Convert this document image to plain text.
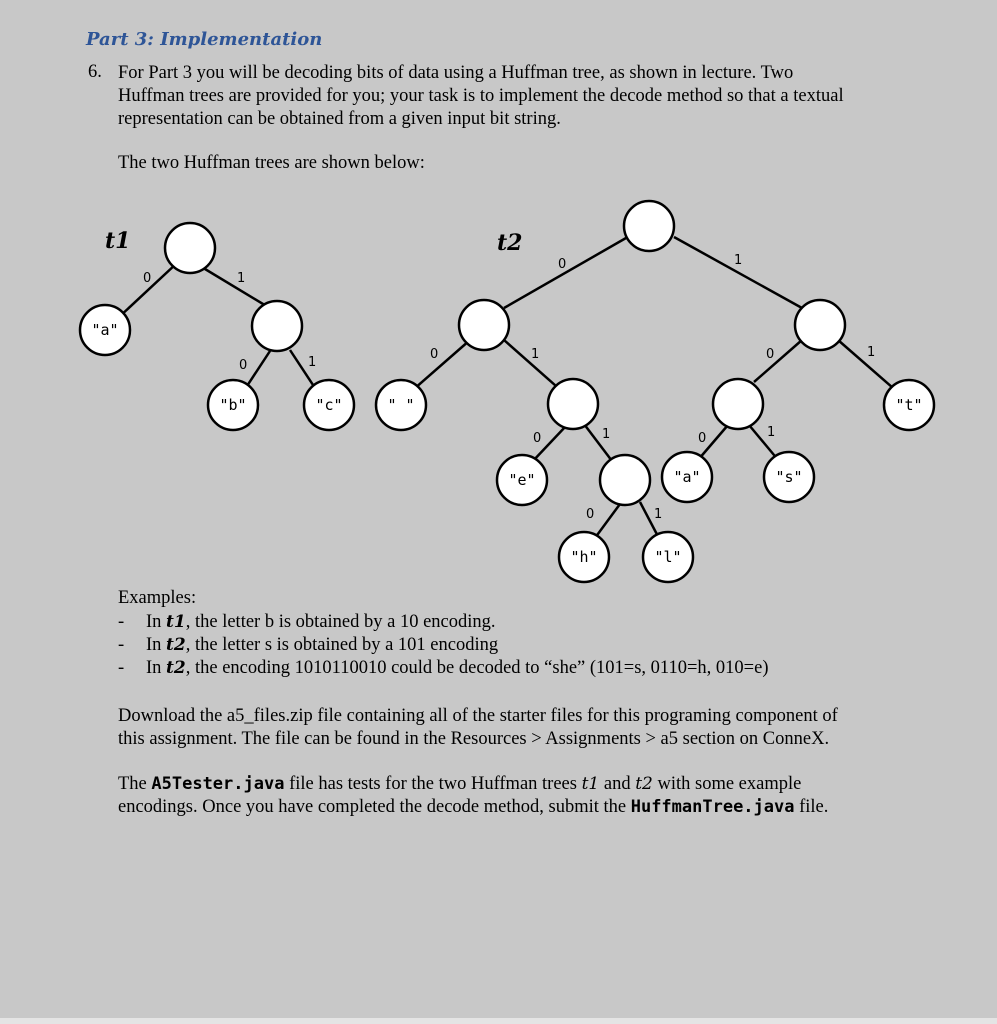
Part 3: Implementation
6. For Part 3 you will be decoding bits of data using a Huffman tree, as shown in lecture. Two
Huffman trees are provided for you; your task is to implement the decode method so that a textual
representation can be obtained from a given input bit string.
The two Huffman trees are shown below:
t1
"a"
"b"	"c"
0	1
0	1
t2
" "
"e"
"h"	"l"
"a"	"s"
"t"
0	1
0	1
0	1
0	1
0	1
0	1
Examples:
- In t1, the letter b is obtained by a 10 encoding.
- In t2, the letter s is obtained by a 101 encoding
- In t2, the encoding 1010110010 could be decoded to “she” (101=s, 0110=h, 010=e)
Download the a5_files.zip file containing all of the starter files for this programing component of
this assignment. The file can be found in the Resources > Assignments > a5 section on ConneX.
The A5Tester.java file has tests for the two Huffman trees t1 and t2 with some example
encodings. Once you have completed the decode method, submit the HuffmanTree.java file.
